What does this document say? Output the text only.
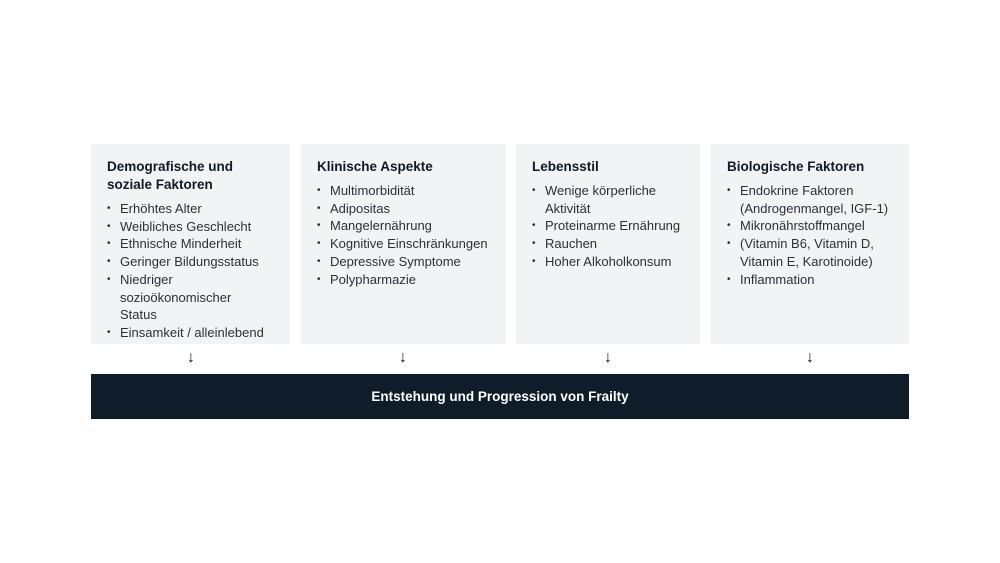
Demografische und soziale Faktoren
• Erhöhtes Alter
• Weibliches Geschlecht
• Ethnische Minderheit
• Geringer Bildungsstatus
• Niedriger sozioökonomischer Status
• Einsamkeit / alleinlebend
Klinische Aspekte
• Multimorbidität
• Adipositas
• Mangelernährung
• Kognitive Einschränkungen
• Depressive Symptome
• Polypharmazie
Lebensstil
• Wenige körperliche Aktivität
• Proteinarme Ernährung
• Rauchen
• Hoher Alkoholkonsum
Biologische Faktoren
• Endokrine Faktoren (Androgenmangel, IGF-1)
• Mikronährstoffmangel
• (Vitamin B6, Vitamin D, Vitamin E, Karotinoide)
• Inflammation
↓	↓	↓	↓
Entstehung und Progression von Frailty
